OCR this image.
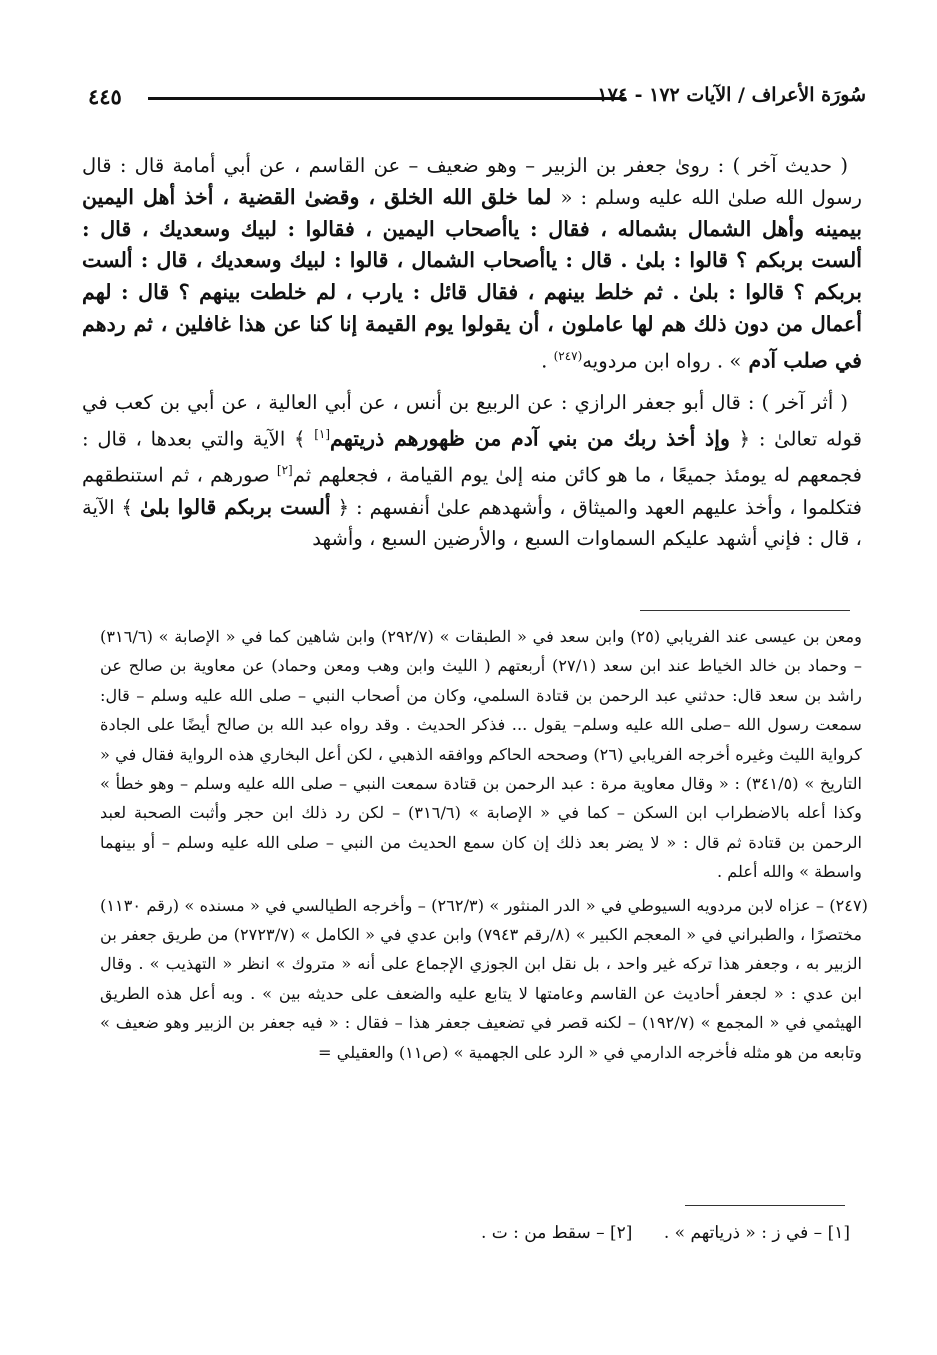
٤٤٥	سُورَة الأعراف / الآيات ١٧٢ - ١٧٤

( حديث آخر ) : روىٰ جعفر بن الزبير – وهو ضعيف – عن القاسم ، عن أبي أمامة قال : قال رسول الله صلىٰ الله عليه وسلم : « لما خلق الله الخلق ، وقضىٰ القضية ، أخذ أهل اليمين بيمينه وأهل الشمال بشماله ، فقال : ياأصحاب اليمين ، فقالوا : لبيك وسعديك ، قال : ألست بربكم ؟ قالوا : بلىٰ . قال : ياأصحاب الشمال ، قالوا : لبيك وسعديك ، قال : ألست بربكم ؟ قالوا : بلىٰ . ثم خلط بينهم ، فقال قائل : يارب ، لم خلطت بينهم ؟ قال : لهم أعمال من دون ذلك هم لها عاملون ، أن يقولوا يوم القيمة إنا كنا عن هذا غافلين ، ثم ردهم في صلب آدم » . رواه ابن مردويه$^{(٢٤٧)}$ .

( أثر آخر ) : قال أبو جعفر الرازي : عن الربيع بن أنس ، عن أبي العالية ، عن أبي بن كعب في قوله تعالىٰ : ﴿ وإذ أخذ ربك من بني آدم من ظهورهم ذريتهم[١] ﴾ الآية والتي بعدها ، قال : فجمعهم له يومئذ جميعًا ، ما هو كائن منه إلىٰ يوم القيامة ، فجعلهم ثم[٢] صورهم ، ثم استنطقهم فتكلموا ، وأخذ عليهم العهد والميثاق ، وأشهدهم علىٰ أنفسهم : ﴿ ألست بربكم قالوا بلىٰ ﴾ الآية ، قال : فإني أشهد عليكم السماوات السبع ، والأرضين السبع ، وأشهد

ومعن بن عيسى عند الفريابي (٢٥) وابن سعد في « الطبقات » (٢٩٢/٧) وابن شاهين كما في « الإصابة » (٣١٦/٦) – وحماد بن خالد الخياط عند ابن سعد (٢٧/١) أربعتهم ( الليث وابن وهب ومعن وحماد) عن معاوية بن صالح عن راشد بن سعد قال: حدثني عبد الرحمن بن قتادة السلمي، وكان من أصحاب النبي – صلى الله عليه وسلم – قال: سمعت رسول الله –صلى الله عليه وسلم– يقول ... فذكر الحديث . وقد رواه عبد الله بن صالح أيضًا على الجادة كرواية الليث وغيره أخرجه الفريابي (٢٦) وصححه الحاكم ووافقه الذهبي ، لكن أعل البخاري هذه الرواية فقال في « التاريخ » (٣٤١/٥) : « وقال معاوية مرة : عبد الرحمن بن قتادة سمعت النبي – صلى الله عليه وسلم – وهو خطأ » وكذا أعله بالاضطراب ابن السكن – كما في « الإصابة » (٣١٦/٦) – لكن رد ذلك ابن حجر وأثبت الصحبة لعبد الرحمن بن قتادة ثم قال : « لا يضر بعد ذلك إن كان سمع الحديث من النبي – صلى الله عليه وسلم – أو بينهما واسطة » والله أعلم .

(٢٤٧) – عزاه لابن مردويه السيوطي في « الدر المنثور » (٢٦٢/٣) – وأخرجه الطيالسي في « مسنده » (رقم ١١٣٠) مختصرًا ، والطبراني في « المعجم الكبير » (٨/رقم ٧٩٤٣) وابن عدي في « الكامل » (٢٧٢٣/٧) من طريق جعفر بن الزبير به ، وجعفر هذا تركه غير واحد ، بل نقل ابن الجوزي الإجماع على أنه « متروك » انظر « التهذيب » . وقال ابن عدي : « لجعفر أحاديث عن القاسم وعامتها لا يتابع عليه والضعف على حديثه بين » . وبه أعل هذه الطريق الهيثمي في « المجمع » (١٩٢/٧) – لكنه قصر في تضعيف جعفر هذا – فقال : « فيه جعفر بن الزبير وهو ضعيف » وتابعه من هو مثله فأخرجه الدارمي في « الرد على الجهمية » (ص١١) والعقيلي =

[١] – في ز : « ذرياتهم » . [٢] – سقط من : ت .
